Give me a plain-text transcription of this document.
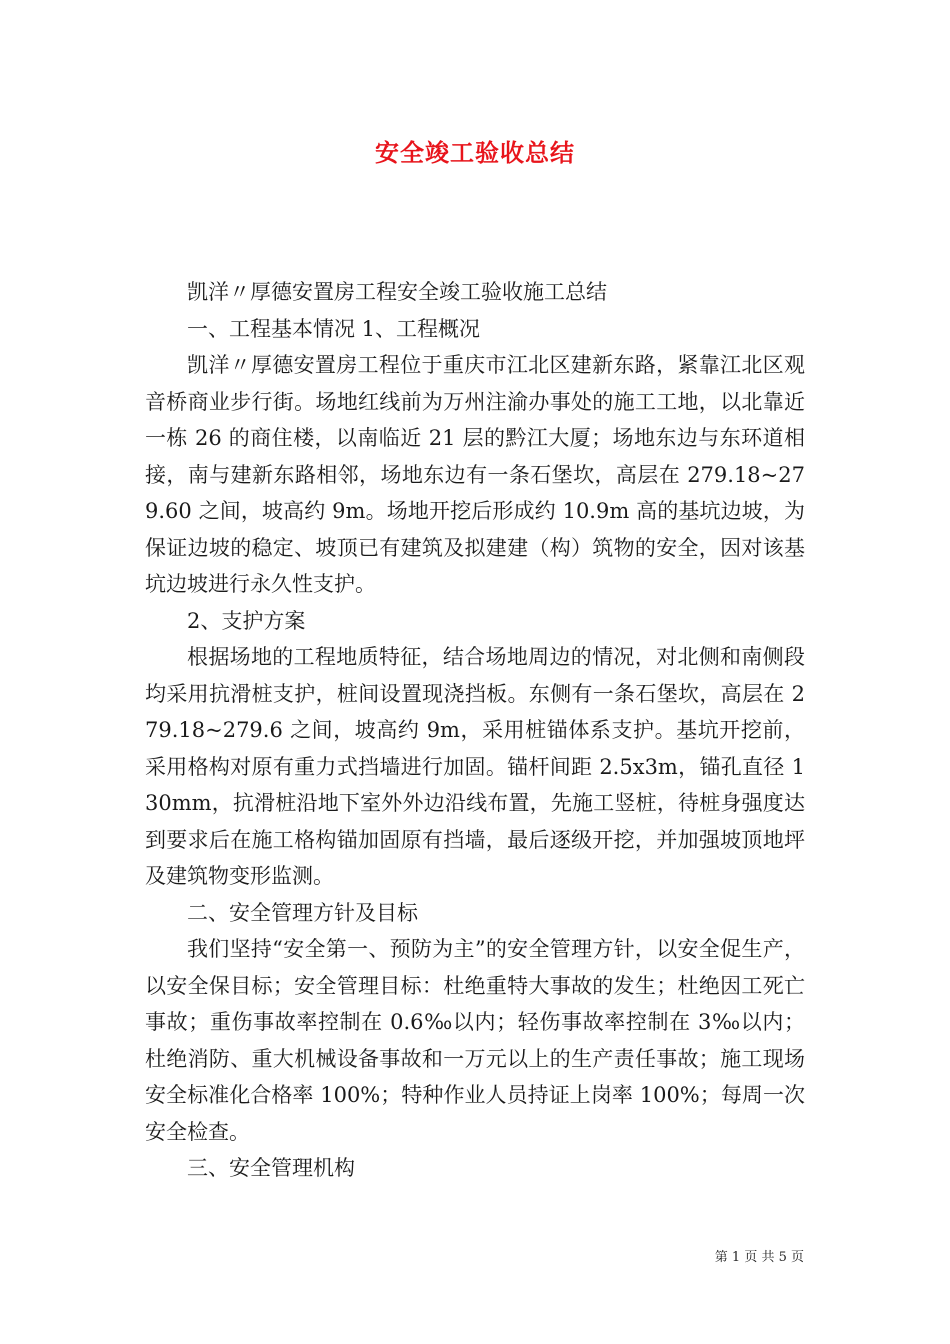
安全竣工验收总结

凯洋〃厚德安置房工程安全竣工验收施工总结

一、工程基本情况 1、工程概况

凯洋〃厚德安置房工程位于重庆市江北区建新东路，紧靠江北区观音桥商业步行街。场地红线前为万州注渝办事处的施工工地，以北靠近一栋 26 的商住楼，以南临近 21 层的黔江大厦；场地东边与东环道相接，南与建新东路相邻，场地东边有一条石堡坎，高层在 279.18~279.60 之间，坡高约 9m。场地开挖后形成约 10.9m 高的基坑边坡，为保证边坡的稳定、坡顶已有建筑及拟建建（构）筑物的安全，因对该基坑边坡进行永久性支护。

2、支护方案

根据场地的工程地质特征，结合场地周边的情况，对北侧和南侧段均采用抗滑桩支护，桩间设置现浇挡板。东侧有一条石堡坎，高层在 279.18~279.6 之间，坡高约 9m，采用桩锚体系支护。基坑开挖前，采用格构对原有重力式挡墙进行加固。锚杆间距 2.5x3m，锚孔直径 130mm，抗滑桩沿地下室外外边沿线布置，先施工竖桩，待桩身强度达到要求后在施工格构锚加固原有挡墙，最后逐级开挖，并加强坡顶地坪及建筑物变形监测。

二、安全管理方针及目标

我们坚持“安全第一、预防为主”的安全管理方针，以安全促生产，以安全保目标；安全管理目标：杜绝重特大事故的发生；杜绝因工死亡事故；重伤事故率控制在 0.6‰以内；轻伤事故率控制在 3‰以内；杜绝消防、重大机械设备事故和一万元以上的生产责任事故；施工现场安全标准化合格率 100%；特种作业人员持证上岗率 100%；每周一次安全检查。

三、安全管理机构

第 1 页 共 5 页
